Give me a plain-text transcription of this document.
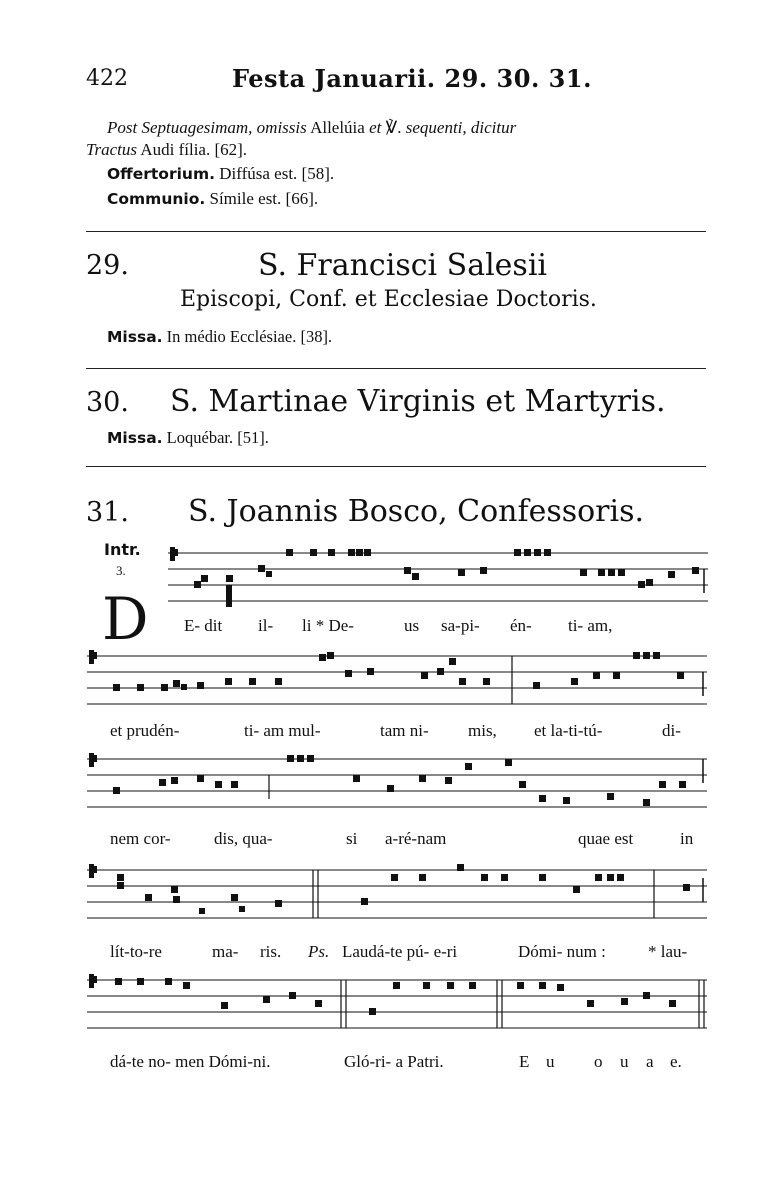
422	Festa Januarii. 29. 30. 31.
Post Septuagesimam, omissis Allelúia et ℣. sequenti, dicitur
Tractus Audi fília. [62].
Offertorium. Diffúsa est. [58].
Communio. Símile est. [66].
29.	S. Francisci Salesii
Episcopi, Conf. et Ecclesiae Doctoris.
Missa. In médio Ecclésiae. [38].
30. S. Martinae Virginis et Martyris.
Missa. Loquébar. [51].
31. S. Joannis Bosco, Confessoris.
Intr.
3.
D E- dit il- li * De-	us sa-pi- én- ti- am,
et prudén-	ti- am mul-	tam ni- mis, et la-ti-tú-	di-
nem cor-	dis, qua-	si a-ré-nam	quae est	in
lít-to-re	ma- ris. Ps. Laudá-te pú- e-ri	Dómi- num : * lau-
dá-te no- men Dómi-ni.	Gló-ri- a Patri.	E u o u a e.
